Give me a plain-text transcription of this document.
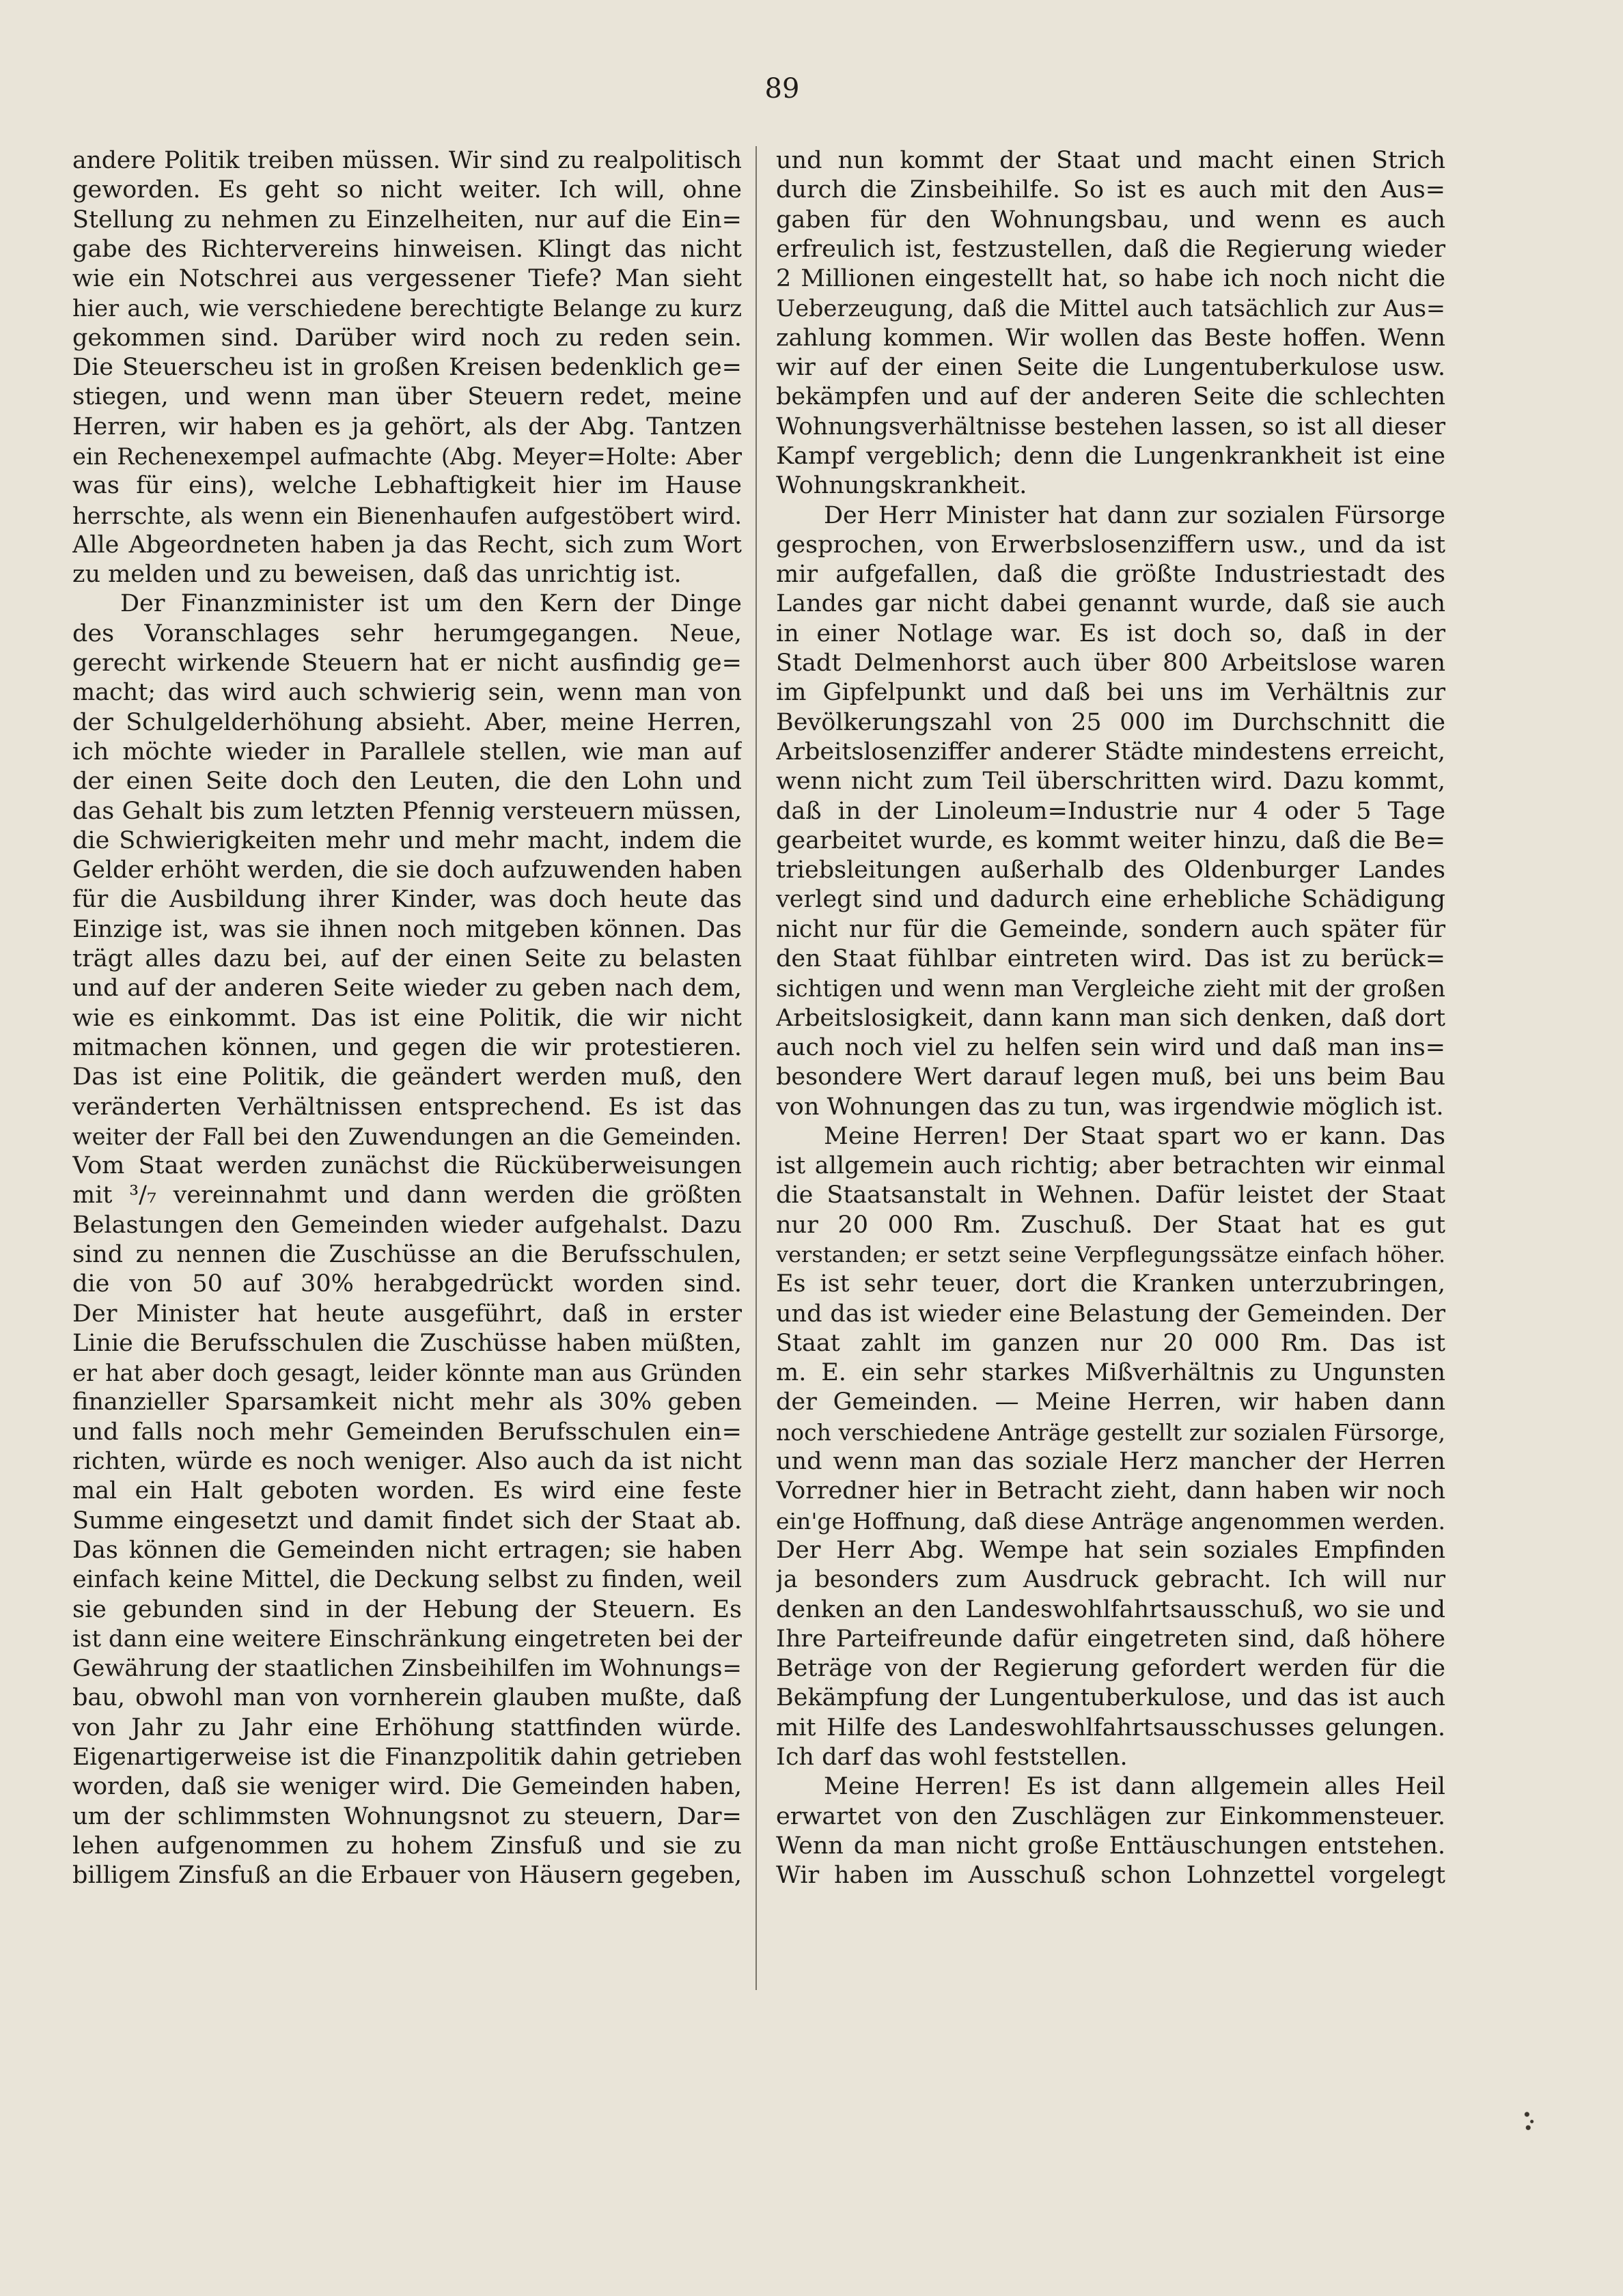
89
andere Politik treiben müssen. Wir sind zu realpolitisch
geworden. Es geht so nicht weiter. Ich will, ohne
Stellung zu nehmen zu Einzelheiten, nur auf die Ein=
gabe des Richtervereins hinweisen. Klingt das nicht
wie ein Notschrei aus vergessener Tiefe? Man sieht
hier auch, wie verschiedene berechtigte Belange zu kurz
gekommen sind. Darüber wird noch zu reden sein.
Die Steuerscheu ist in großen Kreisen bedenklich ge=
stiegen, und wenn man über Steuern redet, meine
Herren, wir haben es ja gehört, als der Abg. Tantzen
ein Rechenexempel aufmachte (Abg. Meyer=Holte: Aber
was für eins), welche Lebhaftigkeit hier im Hause
herrschte, als wenn ein Bienenhaufen aufgestöbert wird.
Alle Abgeordneten haben ja das Recht, sich zum Wort
zu melden und zu beweisen, daß das unrichtig ist.
Der Finanzminister ist um den Kern der Dinge
des Voranschlages sehr herumgegangen. Neue,
gerecht wirkende Steuern hat er nicht ausfindig ge=
macht; das wird auch schwierig sein, wenn man von
der Schulgelderhöhung absieht. Aber, meine Herren,
ich möchte wieder in Parallele stellen, wie man auf
der einen Seite doch den Leuten, die den Lohn und
das Gehalt bis zum letzten Pfennig versteuern müssen,
die Schwierigkeiten mehr und mehr macht, indem die
Gelder erhöht werden, die sie doch aufzuwenden haben
für die Ausbildung ihrer Kinder, was doch heute das
Einzige ist, was sie ihnen noch mitgeben können. Das
trägt alles dazu bei, auf der einen Seite zu belasten
und auf der anderen Seite wieder zu geben nach dem,
wie es einkommt. Das ist eine Politik, die wir nicht
mitmachen können, und gegen die wir protestieren.
Das ist eine Politik, die geändert werden muß, den
veränderten Verhältnissen entsprechend. Es ist das
weiter der Fall bei den Zuwendungen an die Gemeinden.
Vom Staat werden zunächst die Rücküberweisungen
mit ³/₇ vereinnahmt und dann werden die größten
Belastungen den Gemeinden wieder aufgehalst. Dazu
sind zu nennen die Zuschüsse an die Berufsschulen,
die von 50 auf 30% herabgedrückt worden sind.
Der Minister hat heute ausgeführt, daß in erster
Linie die Berufsschulen die Zuschüsse haben müßten,
er hat aber doch gesagt, leider könnte man aus Gründen
finanzieller Sparsamkeit nicht mehr als 30% geben
und falls noch mehr Gemeinden Berufsschulen ein=
richten, würde es noch weniger. Also auch da ist nicht
mal ein Halt geboten worden. Es wird eine feste
Summe eingesetzt und damit findet sich der Staat ab.
Das können die Gemeinden nicht ertragen; sie haben
einfach keine Mittel, die Deckung selbst zu finden, weil
sie gebunden sind in der Hebung der Steuern. Es
ist dann eine weitere Einschränkung eingetreten bei der
Gewährung der staatlichen Zinsbeihilfen im Wohnungs=
bau, obwohl man von vornherein glauben mußte, daß
von Jahr zu Jahr eine Erhöhung stattfinden würde.
Eigenartigerweise ist die Finanzpolitik dahin getrieben
worden, daß sie weniger wird. Die Gemeinden haben,
um der schlimmsten Wohnungsnot zu steuern, Dar=
lehen aufgenommen zu hohem Zinsfuß und sie zu
billigem Zinsfuß an die Erbauer von Häusern gegeben,
und nun kommt der Staat und macht einen Strich
durch die Zinsbeihilfe. So ist es auch mit den Aus=
gaben für den Wohnungsbau, und wenn es auch
erfreulich ist, festzustellen, daß die Regierung wieder
2 Millionen eingestellt hat, so habe ich noch nicht die
Ueberzeugung, daß die Mittel auch tatsächlich zur Aus=
zahlung kommen. Wir wollen das Beste hoffen. Wenn
wir auf der einen Seite die Lungentuberkulose usw.
bekämpfen und auf der anderen Seite die schlechten
Wohnungsverhältnisse bestehen lassen, so ist all dieser
Kampf vergeblich; denn die Lungenkrankheit ist eine
Wohnungskrankheit.
Der Herr Minister hat dann zur sozialen Fürsorge
gesprochen, von Erwerbslosenziffern usw., und da ist
mir aufgefallen, daß die größte Industriestadt des
Landes gar nicht dabei genannt wurde, daß sie auch
in einer Notlage war. Es ist doch so, daß in der
Stadt Delmenhorst auch über 800 Arbeitslose waren
im Gipfelpunkt und daß bei uns im Verhältnis zur
Bevölkerungszahl von 25 000 im Durchschnitt die
Arbeitslosenziffer anderer Städte mindestens erreicht,
wenn nicht zum Teil überschritten wird. Dazu kommt,
daß in der Linoleum=Industrie nur 4 oder 5 Tage
gearbeitet wurde, es kommt weiter hinzu, daß die Be=
triebsleitungen außerhalb des Oldenburger Landes
verlegt sind und dadurch eine erhebliche Schädigung
nicht nur für die Gemeinde, sondern auch später für
den Staat fühlbar eintreten wird. Das ist zu berück=
sichtigen und wenn man Vergleiche zieht mit der großen
Arbeitslosigkeit, dann kann man sich denken, daß dort
auch noch viel zu helfen sein wird und daß man ins=
besondere Wert darauf legen muß, bei uns beim Bau
von Wohnungen das zu tun, was irgendwie möglich ist.
Meine Herren! Der Staat spart wo er kann. Das
ist allgemein auch richtig; aber betrachten wir einmal
die Staatsanstalt in Wehnen. Dafür leistet der Staat
nur 20 000 Rm. Zuschuß. Der Staat hat es gut
verstanden; er setzt seine Verpflegungssätze einfach höher.
Es ist sehr teuer, dort die Kranken unterzubringen,
und das ist wieder eine Belastung der Gemeinden. Der
Staat zahlt im ganzen nur 20 000 Rm. Das ist
m. E. ein sehr starkes Mißverhältnis zu Ungunsten
der Gemeinden. — Meine Herren, wir haben dann
noch verschiedene Anträge gestellt zur sozialen Fürsorge,
und wenn man das soziale Herz mancher der Herren
Vorredner hier in Betracht zieht, dann haben wir noch
ein'ge Hoffnung, daß diese Anträge angenommen werden.
Der Herr Abg. Wempe hat sein soziales Empfinden
ja besonders zum Ausdruck gebracht. Ich will nur
denken an den Landeswohlfahrtsausschuß, wo sie und
Ihre Parteifreunde dafür eingetreten sind, daß höhere
Beträge von der Regierung gefordert werden für die
Bekämpfung der Lungentuberkulose, und das ist auch
mit Hilfe des Landeswohlfahrtsausschusses gelungen.
Ich darf das wohl feststellen.
Meine Herren! Es ist dann allgemein alles Heil
erwartet von den Zuschlägen zur Einkommensteuer.
Wenn da man nicht große Enttäuschungen entstehen.
Wir haben im Ausschuß schon Lohnzettel vorgelegt
